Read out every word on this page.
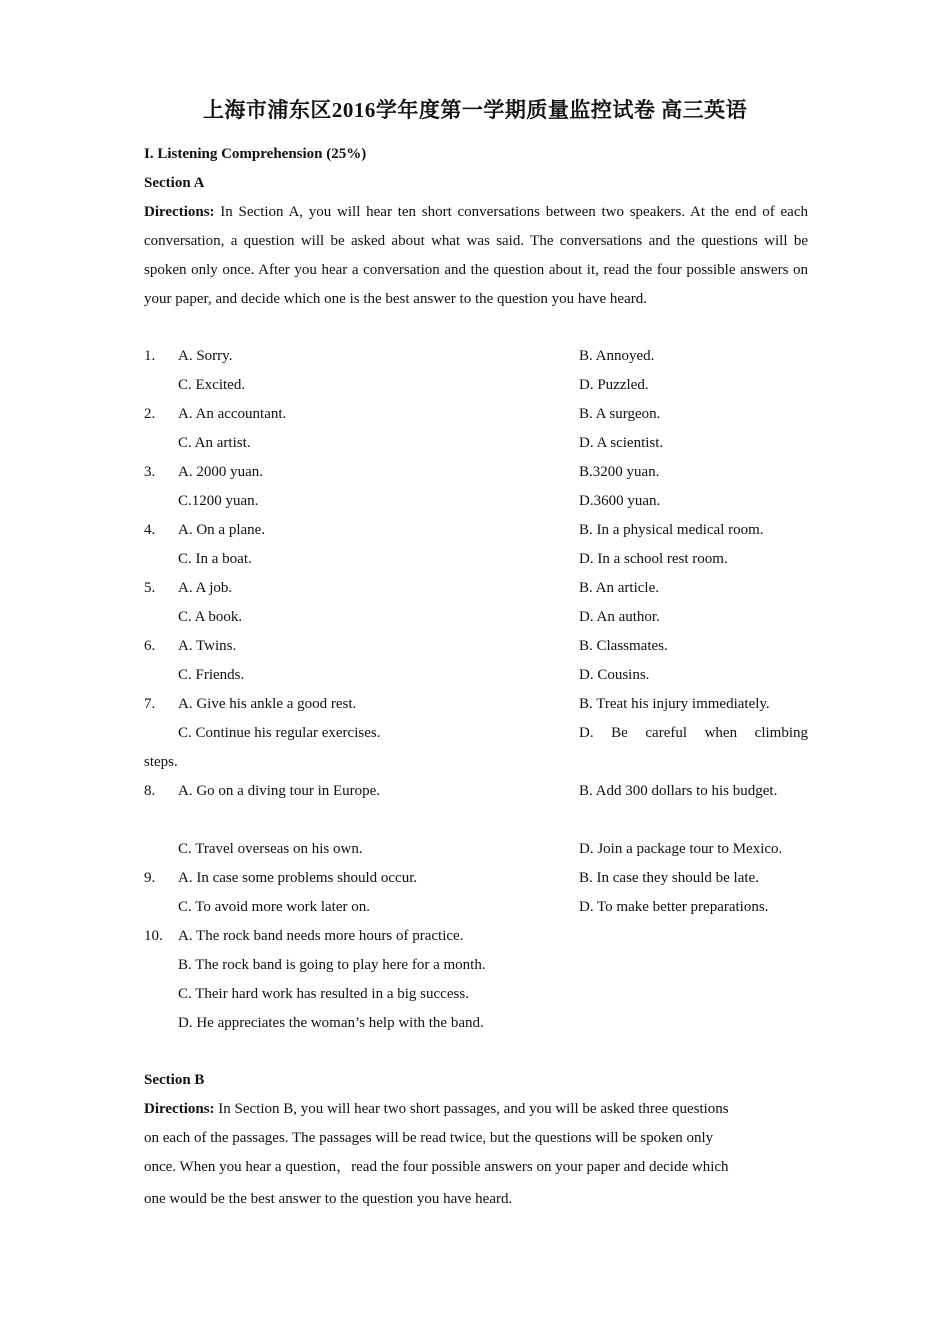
上海市浦东区2016学年度第一学期质量监控试卷 高三英语
I. Listening Comprehension (25%)
Section A
Directions: In Section A, you will hear ten short conversations between two speakers. At the end of each conversation, a question will be asked about what was said. The conversations and the questions will be spoken only once. After you hear a conversation and the question about it, read the four possible answers on your paper, and decide which one is the best answer to the question you have heard.
1. A. Sorry.	B. Annoyed.
C. Excited.	D. Puzzled.
2. A. An accountant.	B. A surgeon.
C. An artist.	D. A scientist.
3. A. 2000 yuan.	B.3200 yuan.
C.1200 yuan.	D.3600 yuan.
4. A. On a plane.	B. In a physical medical room.
C. In a boat.	D. In a school rest room.
5. A. A job.	B. An article.
C. A book.	D. An author.
6. A. Twins.	B. Classmates.
C. Friends.	D. Cousins.
7. A. Give his ankle a good rest.	B. Treat his injury immediately.
C. Continue his regular exercises.	D. Be careful when climbing
steps.
8. A. Go on a diving tour in Europe.	B. Add 300 dollars to his budget.
C. Travel overseas on his own.	D. Join a package tour to Mexico.
9. A. In case some problems should occur.	B. In case they should be late.
C. To avoid more work later on.	D. To make better preparations.
10. A. The rock band needs more hours of practice.
B. The rock band is going to play here for a month.
C. Their hard work has resulted in a big success.
D. He appreciates the woman’s help with the band.
Section B
Directions: In Section B, you will hear two short passages, and you will be asked three questions
on each of the passages. The passages will be read twice, but the questions will be spoken only
once. When you hear a question，read the four possible answers on your paper and decide which
one would be the best answer to the question you have heard.
